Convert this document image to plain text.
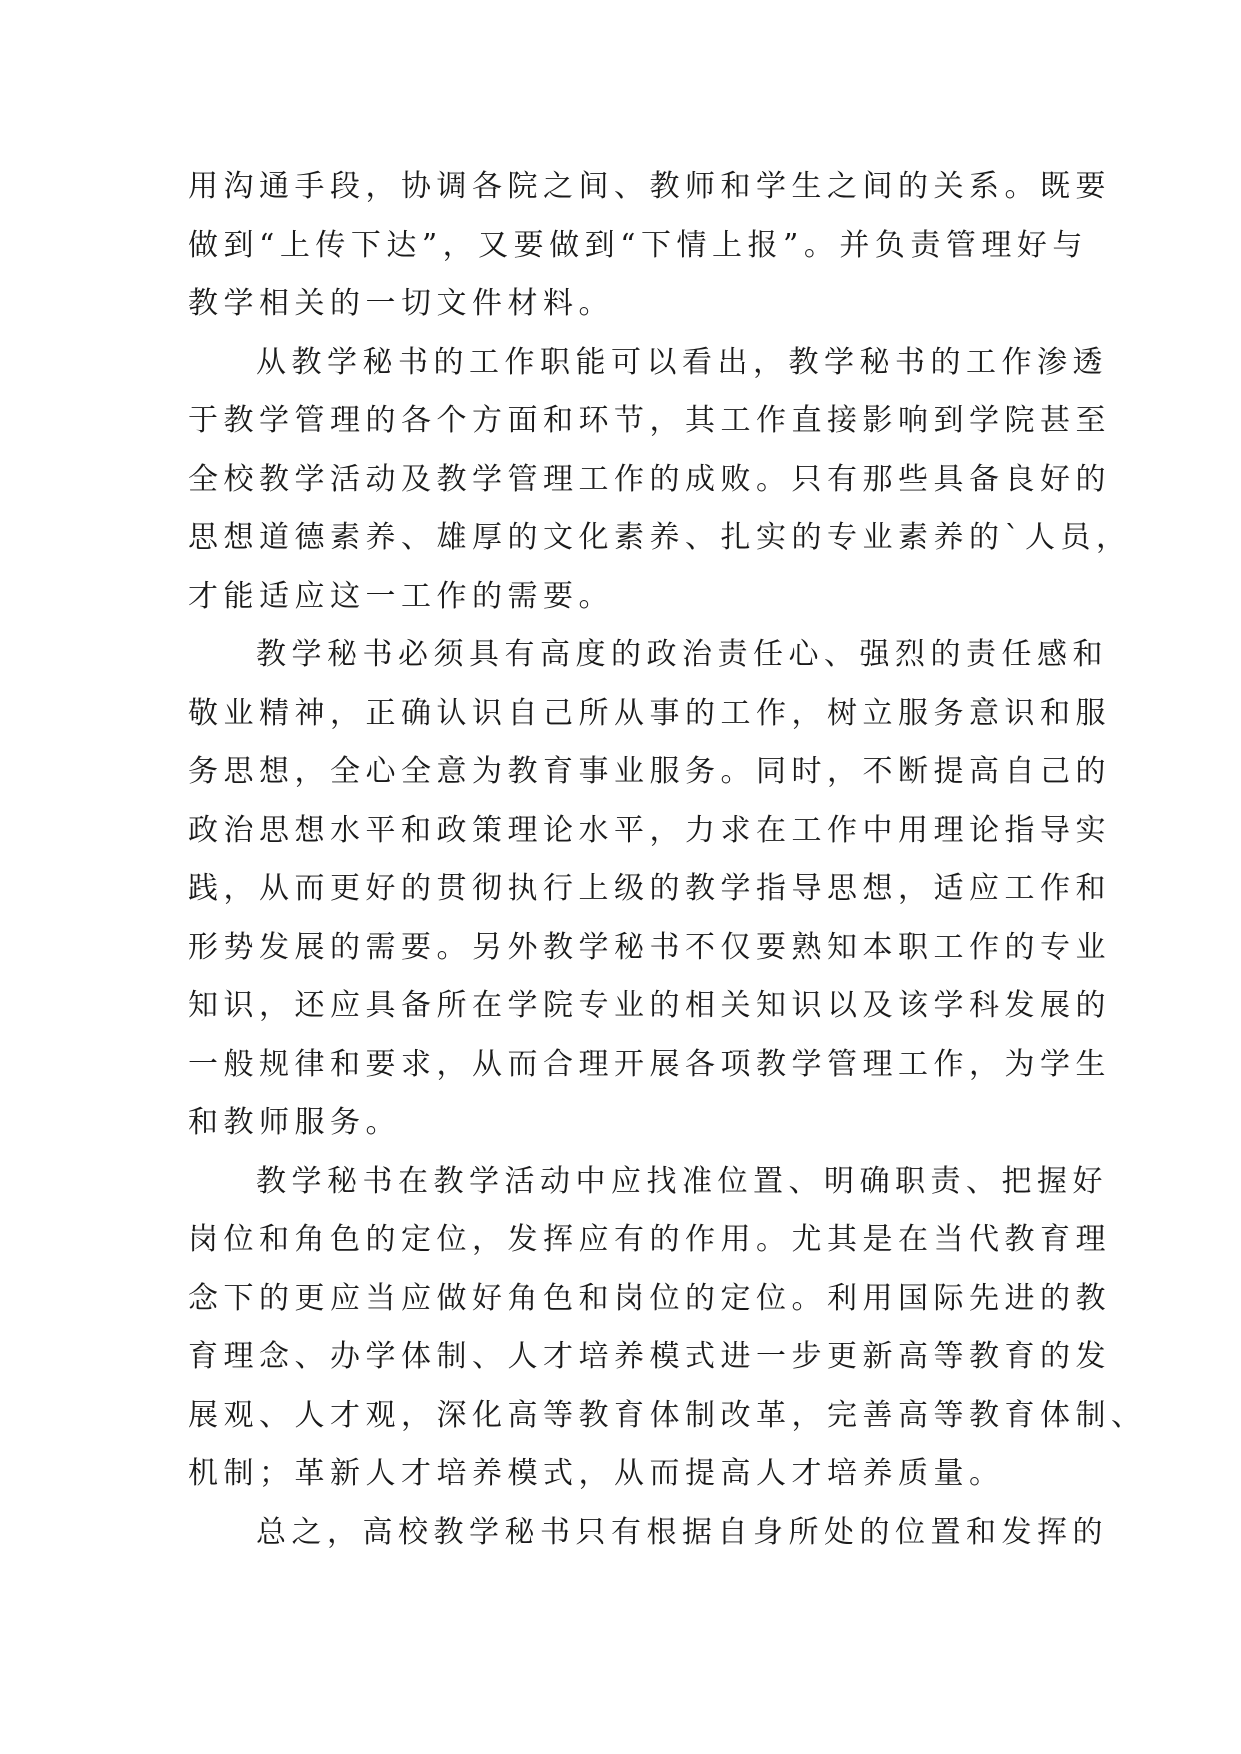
用沟通手段，协调各院之间、教师和学生之间的关系。既要
做到“上传下达”，又要做到“下情上报”。并负责管理好与
教学相关的一切文件材料。
从教学秘书的工作职能可以看出，教学秘书的工作渗透
于教学管理的各个方面和环节，其工作直接影响到学院甚至
全校教学活动及教学管理工作的成败。只有那些具备良好的
思想道德素养、雄厚的文化素养、扎实的专业素养的`人员，
才能适应这一工作的需要。
教学秘书必须具有高度的政治责任心、强烈的责任感和
敬业精神，正确认识自己所从事的工作，树立服务意识和服
务思想，全心全意为教育事业服务。同时，不断提高自己的
政治思想水平和政策理论水平，力求在工作中用理论指导实
践，从而更好的贯彻执行上级的教学指导思想，适应工作和
形势发展的需要。另外教学秘书不仅要熟知本职工作的专业
知识，还应具备所在学院专业的相关知识以及该学科发展的
一般规律和要求，从而合理开展各项教学管理工作，为学生
和教师服务。
教学秘书在教学活动中应找准位置、明确职责、把握好
岗位和角色的定位，发挥应有的作用。尤其是在当代教育理
念下的更应当应做好角色和岗位的定位。利用国际先进的教
育理念、办学体制、人才培养模式进一步更新高等教育的发
展观、人才观，深化高等教育体制改革，完善高等教育体制、
机制；革新人才培养模式，从而提高人才培养质量。
总之，高校教学秘书只有根据自身所处的位置和发挥的
